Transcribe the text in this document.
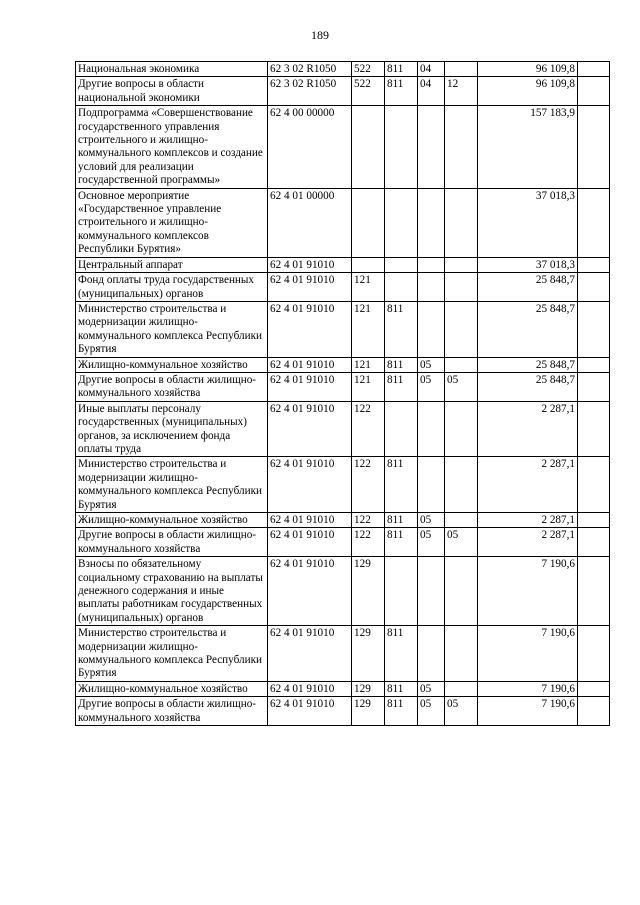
189
Национальная экономика	62 3 02 R1050	522	811	04		96 109,8	
Другие вопросы в области национальной экономики	62 3 02 R1050	522	811	04	12	96 109,8	
Подпрограмма «Совершенствование государственного управления строительного и жилищно-коммунального комплексов и создание условий для реализации государственной программы»	62 4 00 00000					157 183,9	
Основное мероприятие «Государственное управление строительного и жилищно-коммунального комплексов Республики Бурятия»	62 4 01 00000					37 018,3	
Центральный аппарат	62 4 01 91010					37 018,3	
Фонд оплаты труда государственных (муниципальных) органов	62 4 01 91010	121				25 848,7	
Министерство строительства и модернизации жилищно-коммунального комплекса Республики Бурятия	62 4 01 91010	121	811			25 848,7	
Жилищно-коммунальное хозяйство	62 4 01 91010	121	811	05		25 848,7	
Другие вопросы в области жилищно-коммунального хозяйства	62 4 01 91010	121	811	05	05	25 848,7	
Иные выплаты персоналу государственных (муниципальных) органов, за исключением фонда оплаты труда	62 4 01 91010	122				2 287,1	
Министерство строительства и модернизации жилищно-коммунального комплекса Республики Бурятия	62 4 01 91010	122	811			2 287,1	
Жилищно-коммунальное хозяйство	62 4 01 91010	122	811	05		2 287,1	
Другие вопросы в области жилищно-коммунального хозяйства	62 4 01 91010	122	811	05	05	2 287,1	
Взносы по обязательному социальному страхованию на выплаты денежного содержания и иные выплаты работникам государственных (муниципальных) органов	62 4 01 91010	129				7 190,6	
Министерство строительства и модернизации жилищно-коммунального комплекса Республики Бурятия	62 4 01 91010	129	811			7 190,6	
Жилищно-коммунальное хозяйство	62 4 01 91010	129	811	05		7 190,6	
Другие вопросы в области жилищно-коммунального хозяйства	62 4 01 91010	129	811	05	05	7 190,6	
